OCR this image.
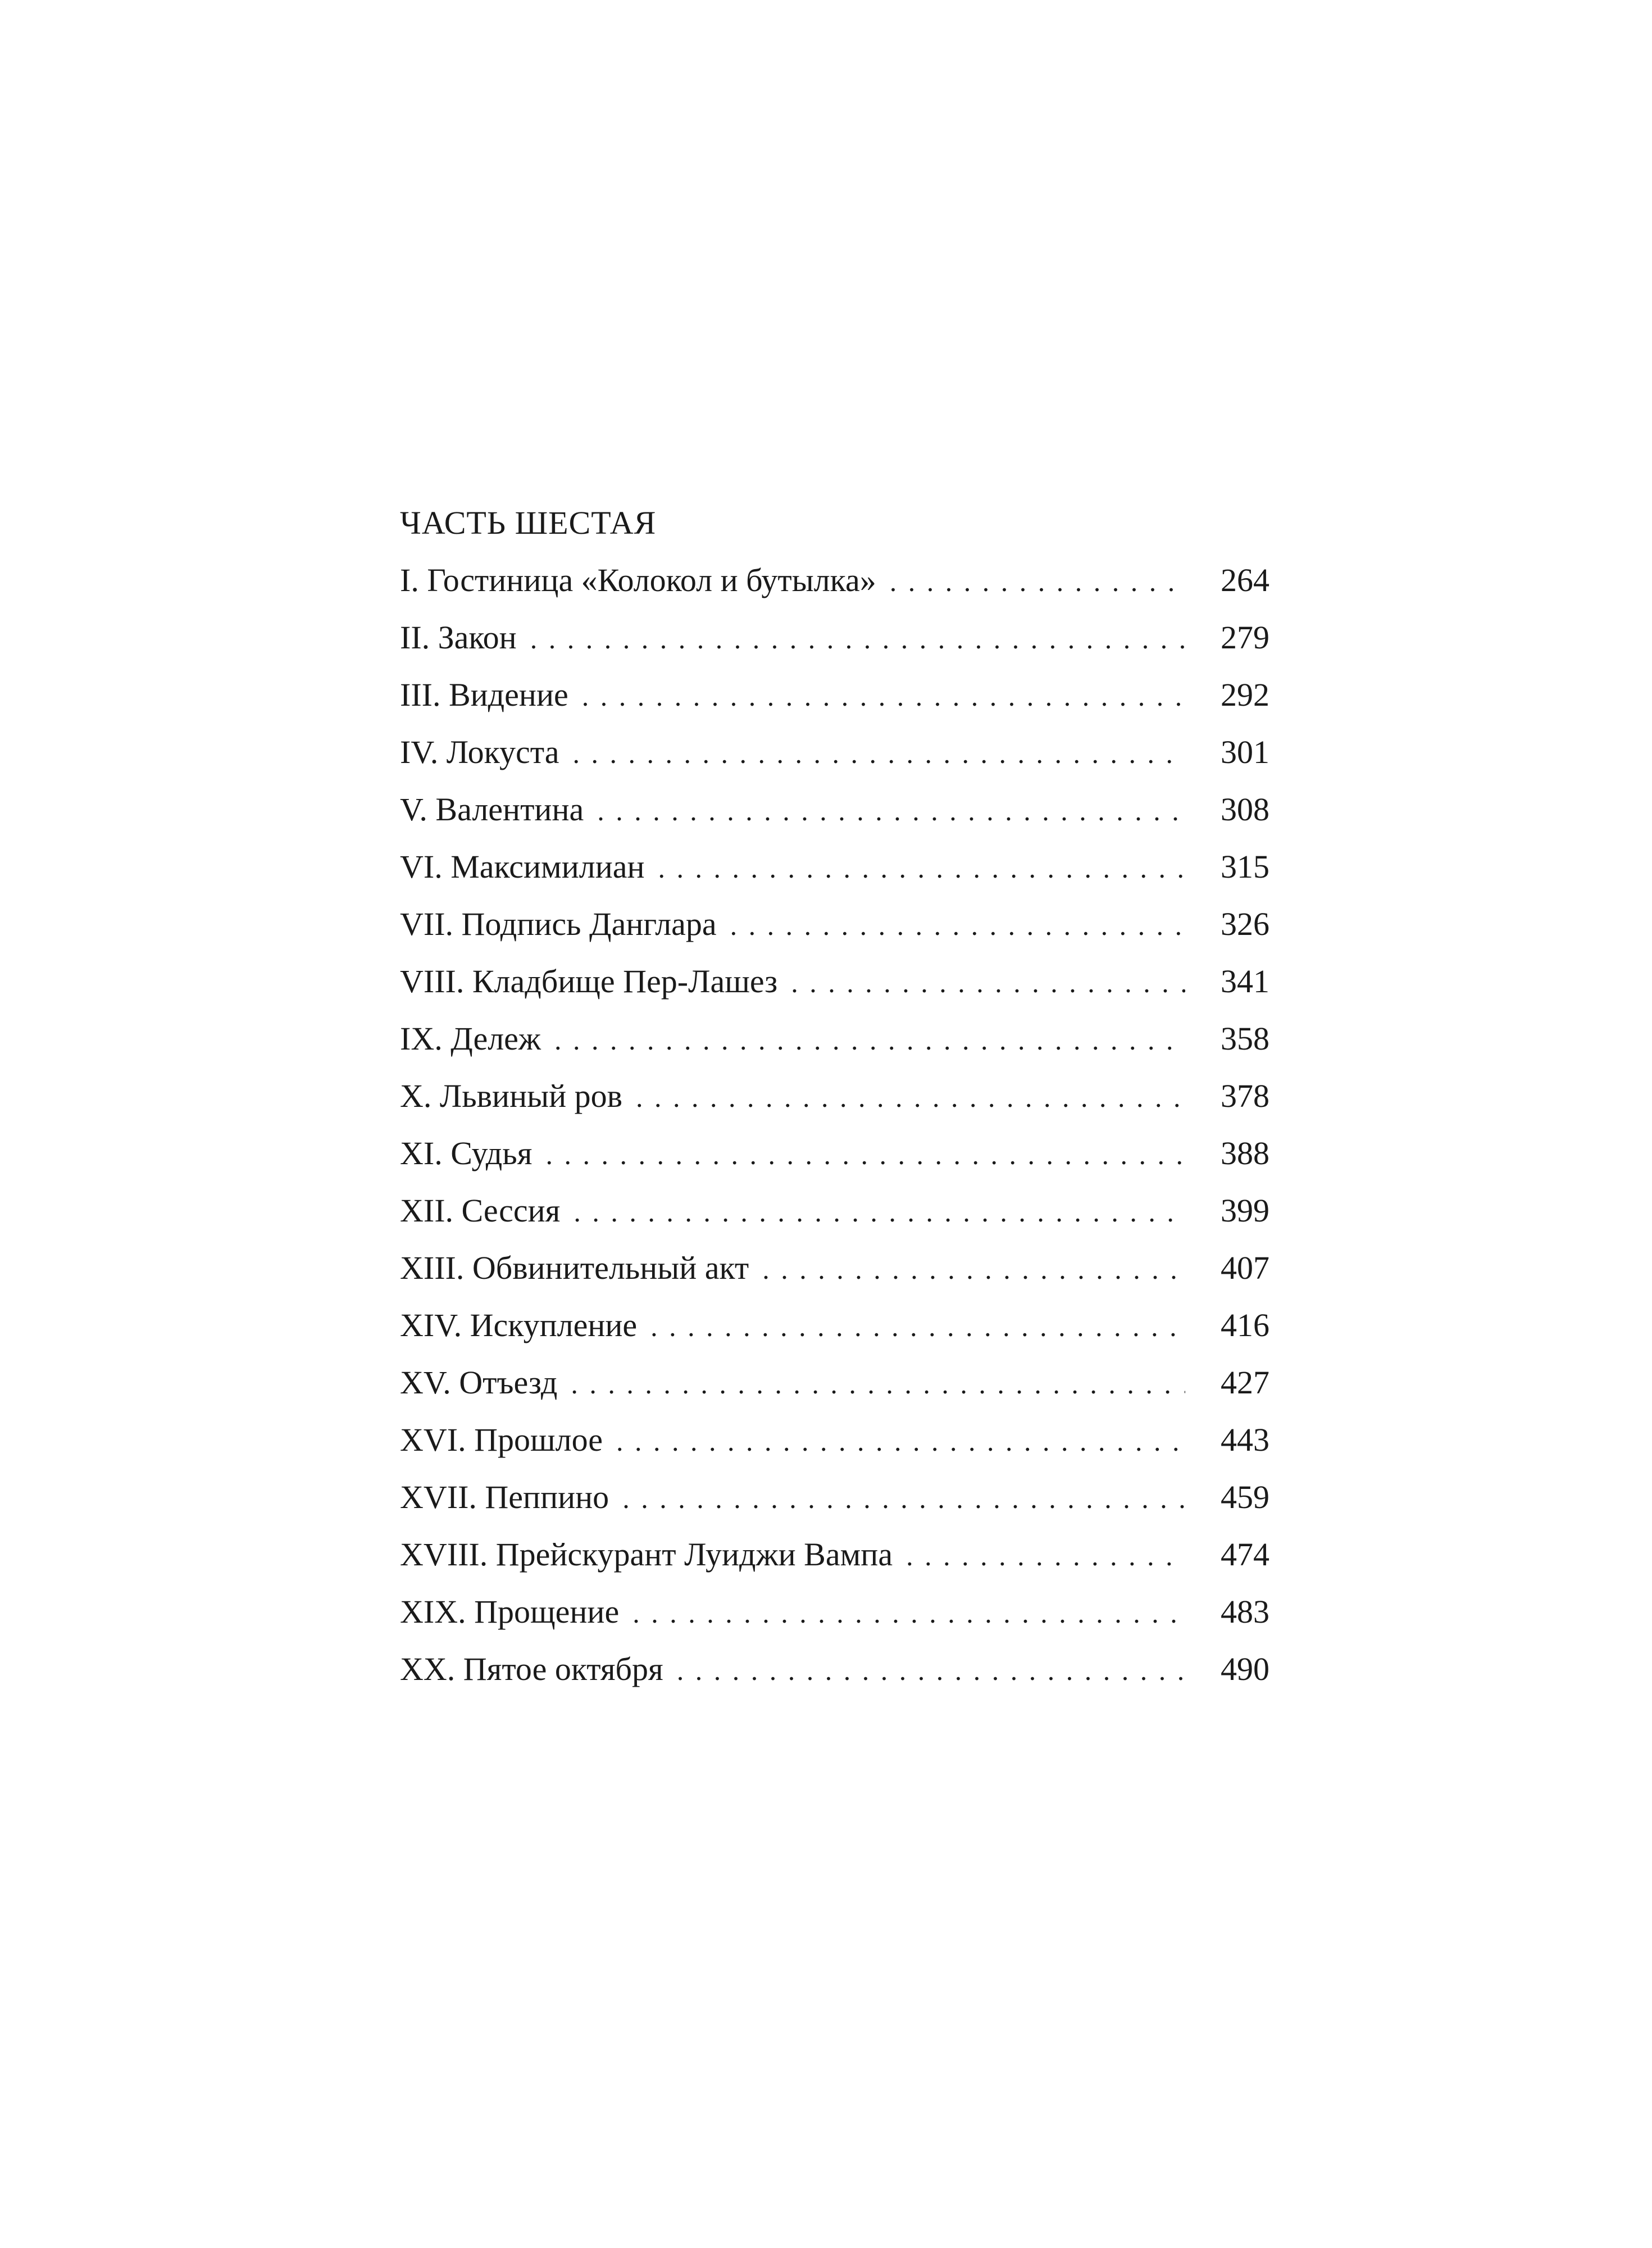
ЧАСТЬ ШЕСТАЯ
I. Гостиница «Колокол и бутылка» . . .	264
II. Закон . . .	279
III. Видение . . .	292
IV. Локуста . . .	301
V. Валентина . . .	308
VI. Максимилиан . . .	315
VII. Подпись Данглара . . .	326
VIII. Кладбище Пер-Лашез . . .	341
IX. Дележ . . .	358
X. Львиный ров . . .	378
XI. Судья . . .	388
XII. Сессия . . .	399
XIII. Обвинительный акт . . .	407
XIV. Искупление . . .	416
XV. Отъезд . . .	427
XVI. Прошлое . . .	443
XVII. Пеппино . . .	459
XVIII. Прейскурант Луиджи Вампа . . .	474
XIX. Прощение . . .	483
XX. Пятое октября . . .	490
